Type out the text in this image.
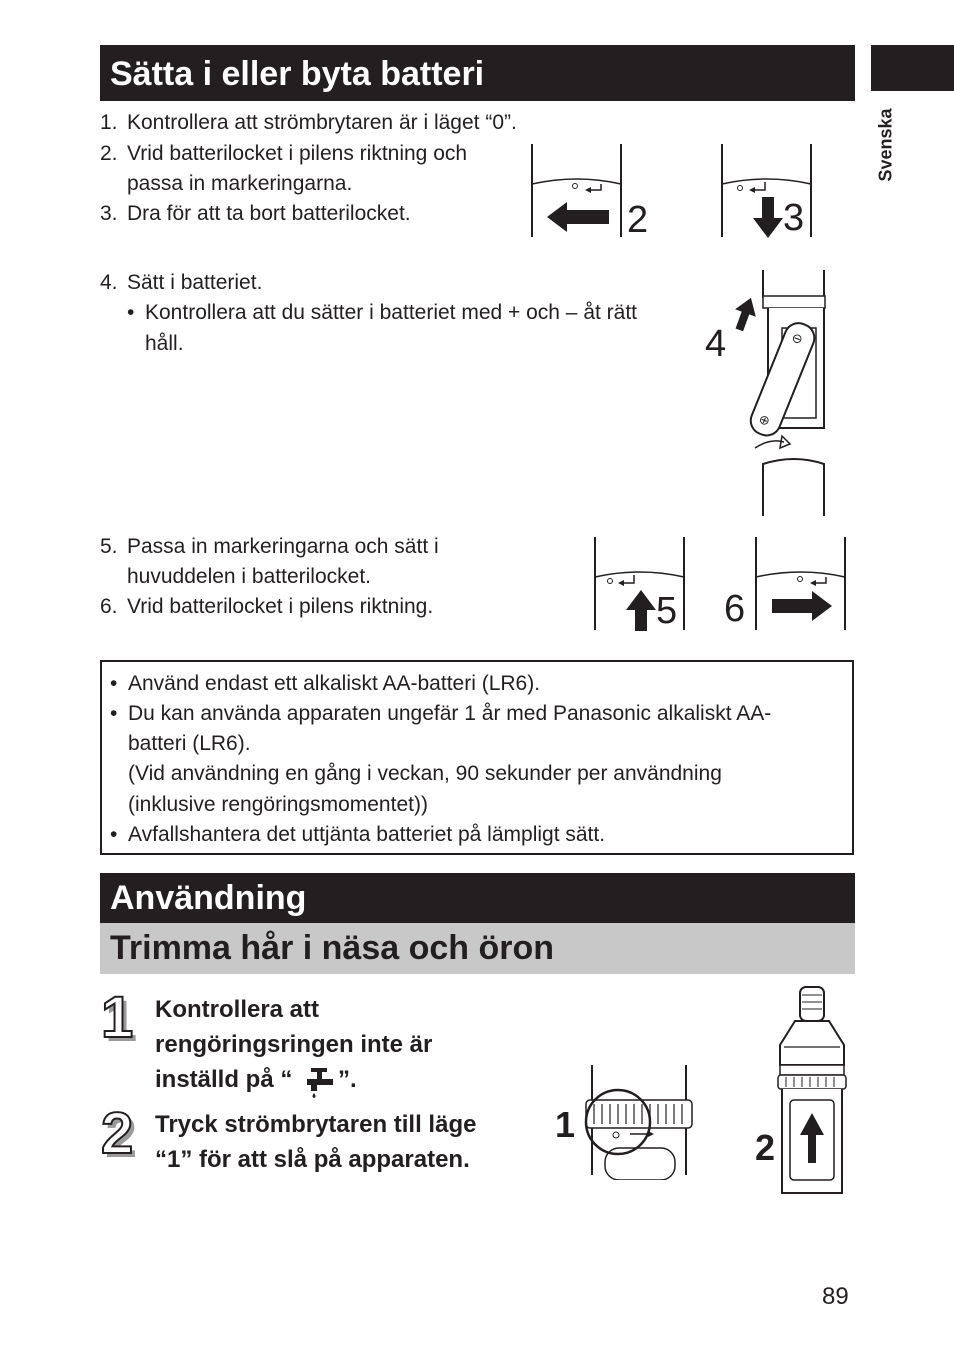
Svenska
Sätta i eller byta batteri
1. Kontrollera att strömbrytaren är i läget “0”.
2. Vrid batterilocket i pilens riktning och
passa in markeringarna.
3. Dra för att ta bort batterilocket.	2	3
4. Sätt i batteriet.
• Kontrollera att du sätter i batteriet med + och – åt rätt
håll.
⊕
⊖
4
5. Passa in markeringarna och sätt i
huvuddelen i batterilocket.
6. Vrid batterilocket i pilens riktning.	5 6
• Använd endast ett alkaliskt AA-batteri (LR6).
• Du kan använda apparaten ungefär 1 år med Panasonic alkaliskt AA-
batteri (LR6).
(Vid användning en gång i veckan, 90 sekunder per användning
(inklusive rengöringsmomentet))
• Avfallshantera det uttjänta batteriet på lämpligt sätt.
Användning
Trimma hår i näsa och öron
1 Kontrollera att
rengöringsringen inte är
inställd på “ ”.
2 Tryck strömbrytaren till läge
“1” för att slå på apparaten.
1
2
89
